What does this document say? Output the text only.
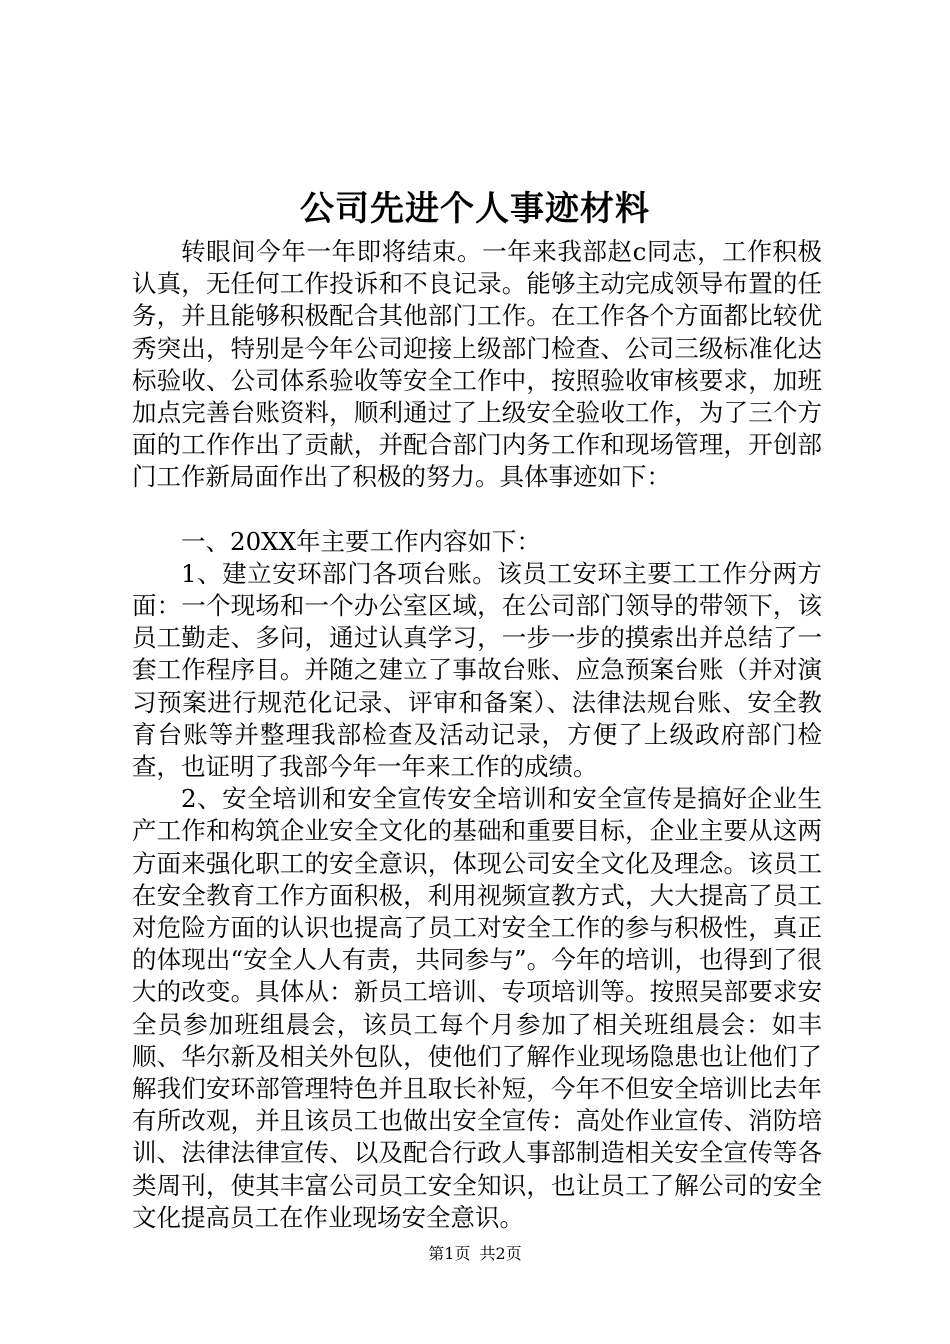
公司先进个人事迹材料

转眼间今年一年即将结束。一年来我部赵c同志，工作积极认真，无任何工作投诉和不良记录。能够主动完成领导布置的任务，并且能够积极配合其他部门工作。在工作各个方面都比较优秀突出，特别是今年公司迎接上级部门检查、公司三级标准化达标验收、公司体系验收等安全工作中，按照验收审核要求，加班加点完善台账资料，顺利通过了上级安全验收工作，为了三个方面的工作作出了贡献，并配合部门内务工作和现场管理，开创部门工作新局面作出了积极的努力。具体事迹如下：

一、20XX年主要工作内容如下：

1、建立安环部门各项台账。该员工安环主要工工作分两方面：一个现场和一个办公室区域，在公司部门领导的带领下，该员工勤走、多问，通过认真学习，一步一步的摸索出并总结了一套工作程序目。并随之建立了事故台账、应急预案台账（并对演习预案进行规范化记录、评审和备案）、法律法规台账、安全教育台账等并整理我部检查及活动记录，方便了上级政府部门检查，也证明了我部今年一年来工作的成绩。

2、安全培训和安全宣传安全培训和安全宣传是搞好企业生产工作和构筑企业安全文化的基础和重要目标，企业主要从这两方面来强化职工的安全意识，体现公司安全文化及理念。该员工在安全教育工作方面积极，利用视频宣教方式，大大提高了员工对危险方面的认识也提高了员工对安全工作的参与积极性，真正的体现出“安全人人有责，共同参与”。今年的培训，也得到了很大的改变。具体从：新员工培训、专项培训等。按照吴部要求安全员参加班组晨会，该员工每个月参加了相关班组晨会：如丰顺、华尔新及相关外包队，使他们了解作业现场隐患也让他们了解我们安环部管理特色并且取长补短，今年不但安全培训比去年有所改观，并且该员工也做出安全宣传：高处作业宣传、消防培训、法律法律宣传、以及配合行政人事部制造相关安全宣传等各类周刊，使其丰富公司员工安全知识，也让员工了解公司的安全文化提高员工在作业现场安全意识。

第1页 共2页
